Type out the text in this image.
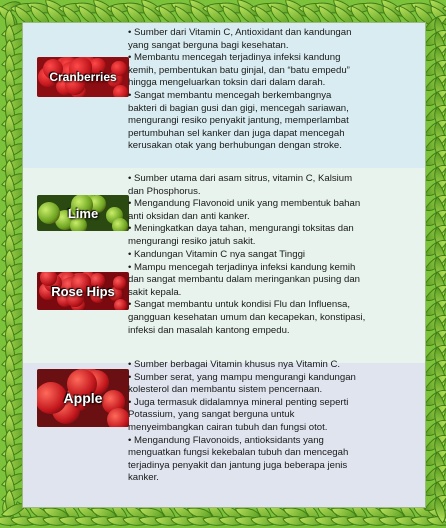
Cranberries

• Sumber dari Vitamin C, Antioxidant dan kandungan

yang sangat berguna bagi kesehatan.

• Membantu mencegah terjadinya infeksi kandung

kemih, pembentukan batu ginjal, dan “batu empedu”

hingga mengeluarkan toksin dari dalam darah.

• Sangat membantu mencegah berkembangnya

bakteri di bagian gusi dan gigi, mencegah sariawan,

mengurangi resiko penyakit jantung, memperlambat

pertumbuhan sel kanker dan juga dapat mencegah

kerusakan otak yang berhubungan dengan stroke.

Lime

• Sumber utama dari asam sitrus, vitamin C, Kalsium

dan Phosphorus.

• Mengandung Flavonoid unik yang membentuk bahan

anti oksidan dan anti kanker.

• Meningkatkan daya tahan, mengurangi toksitas dan

mengurangi resiko jatuh sakit.

Rose Hips

• Kandungan Vitamin C nya sangat Tinggi

• Mampu mencegah terjadinya infeksi kandung kemih

dan sangat membantu dalam meringankan pusing dan

sakit kepala.

• Sangat membantu untuk kondisi Flu dan Influensa,

gangguan kesehatan umum dan kecapekan, konstipasi,

infeksi dan masalah kantong empedu.

Apple

• Sumber berbagai Vitamin khusus nya Vitamin C.

• Sumber serat, yang mampu mengurangi kandungan

kolesterol dan membantu sistem pencernaan.

• Juga termasuk didalamnya mineral penting seperti

Potassium, yang sangat berguna untuk

menyeimbangkan cairan tubuh dan fungsi otot.

• Mengandung Flavonoids, antioksidants yang

menguatkan fungsi kekebalan tubuh dan mencegah

terjadinya penyakit dan jantung juga beberapa jenis

kanker.
